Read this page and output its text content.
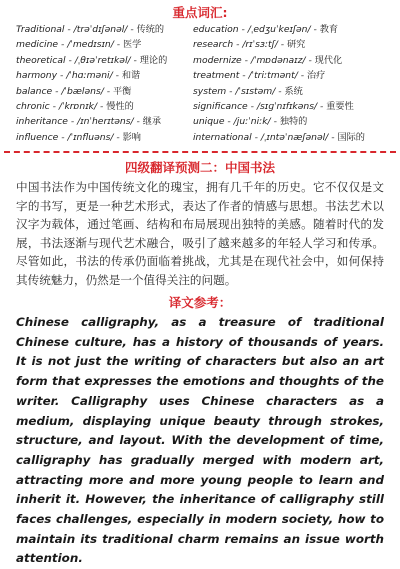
重点词汇:
Traditional - /trəˈdɪʃənəl/ - 传统的	education - /ˌedʒuˈkeɪʃən/ - 教育
medicine - /ˈmedɪsɪn/ - 医学	research - /rɪˈsɜːtʃ/ - 研究
theoretical - /ˌθɪəˈretɪkəl/ - 理论的	modernize - /ˈmɒdənaɪz/ - 现代化
harmony - /ˈhɑːməni/ - 和谐	treatment - /ˈtriːtmənt/ - 治疗
balance - /ˈbæləns/ - 平衡	system - /ˈsɪstəm/ - 系统
chronic - /ˈkrɒnɪk/ - 慢性的	significance - /sɪɡˈnɪfɪkəns/ - 重要性
inheritance - /ɪnˈherɪtəns/ - 继承	unique - /juːˈniːk/ - 独特的
influence - /ˈɪnfluəns/ - 影响	international - /ˌɪntəˈnæʃənəl/ - 国际的
四级翻译预测二：中国书法
中国书法作为中国传统文化的瑰宝，拥有几千年的历史。它不仅仅是文字的书写，更是一种艺术形式，表达了作者的情感与思想。书法艺术以汉字为载体，通过笔画、结构和布局展现出独特的美感。随着时代的发展，书法逐渐与现代艺术融合，吸引了越来越多的年轻人学习和传承。尽管如此，书法的传承仍面临着挑战，尤其是在现代社会中，如何保持其传统魅力，仍然是一个值得关注的问题。
译文参考：
Chinese calligraphy, as a treasure of traditional Chinese culture, has a history of thousands of years. It is not just the writing of characters but also an art form that expresses the emotions and thoughts of the writer. Calligraphy uses Chinese characters as a medium, displaying unique beauty through strokes, structure, and layout. With the development of time, calligraphy has gradually merged with modern art, attracting more and more young people to learn and inherit it. However, the inheritance of calligraphy still faces challenges, especially in modern society, how to maintain its traditional charm remains an issue worth attention.
